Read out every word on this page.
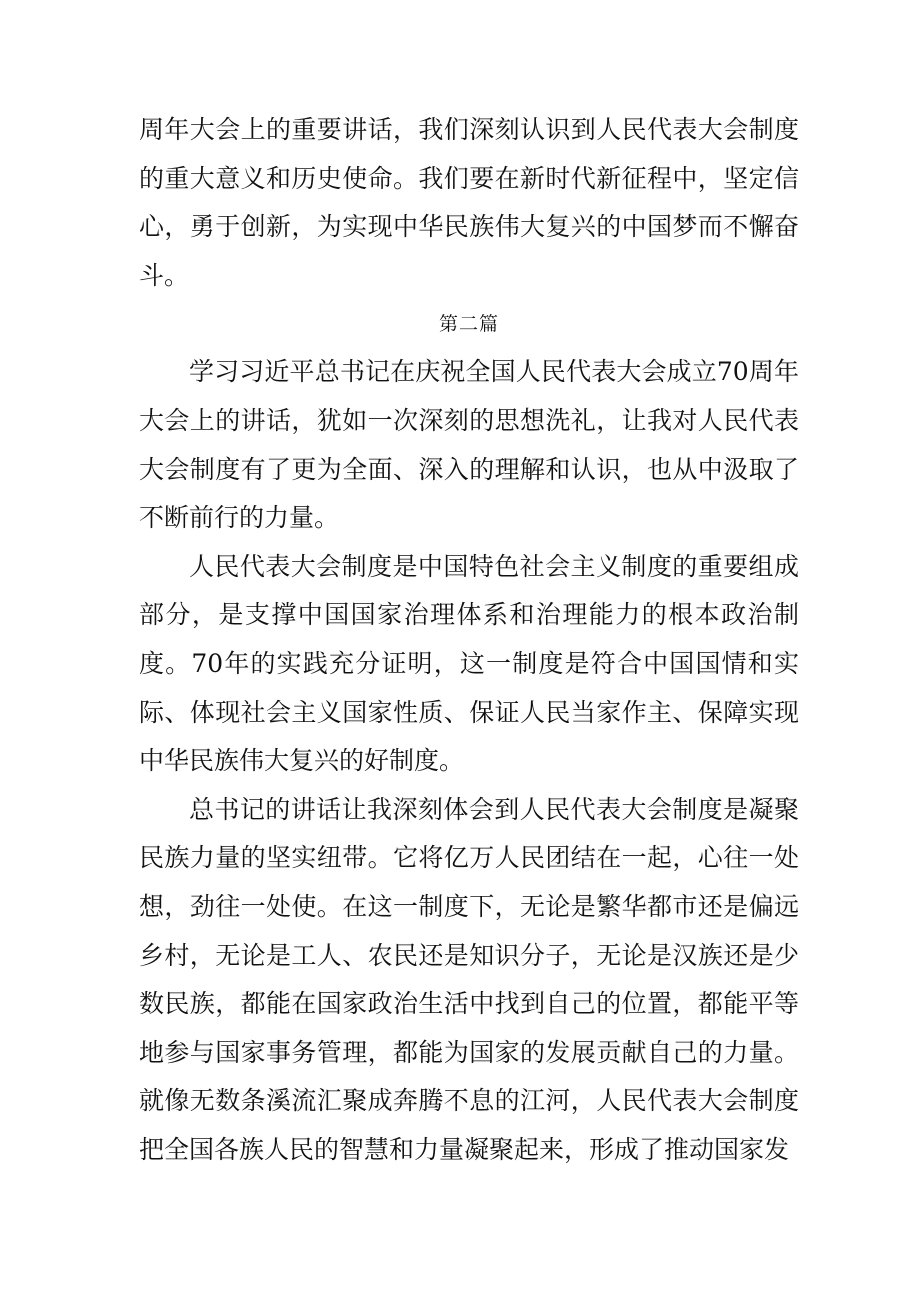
周年大会上的重要讲话，我们深刻认识到人民代表大会制度的重大意义和历史使命。我们要在新时代新征程中，坚定信心，勇于创新，为实现中华民族伟大复兴的中国梦而不懈奋斗。

第二篇

学习习近平总书记在庆祝全国人民代表大会成立70周年大会上的讲话，犹如一次深刻的思想洗礼，让我对人民代表大会制度有了更为全面、深入的理解和认识，也从中汲取了不断前行的力量。

人民代表大会制度是中国特色社会主义制度的重要组成部分，是支撑中国国家治理体系和治理能力的根本政治制度。70年的实践充分证明，这一制度是符合中国国情和实际、体现社会主义国家性质、保证人民当家作主、保障实现中华民族伟大复兴的好制度。

总书记的讲话让我深刻体会到人民代表大会制度是凝聚民族力量的坚实纽带。它将亿万人民团结在一起，心往一处想，劲往一处使。在这一制度下，无论是繁华都市还是偏远乡村，无论是工人、农民还是知识分子，无论是汉族还是少数民族，都能在国家政治生活中找到自己的位置，都能平等地参与国家事务管理，都能为国家的发展贡献自己的力量。就像无数条溪流汇聚成奔腾不息的江河，人民代表大会制度把全国各族人民的智慧和力量凝聚起来，形成了推动国家发
